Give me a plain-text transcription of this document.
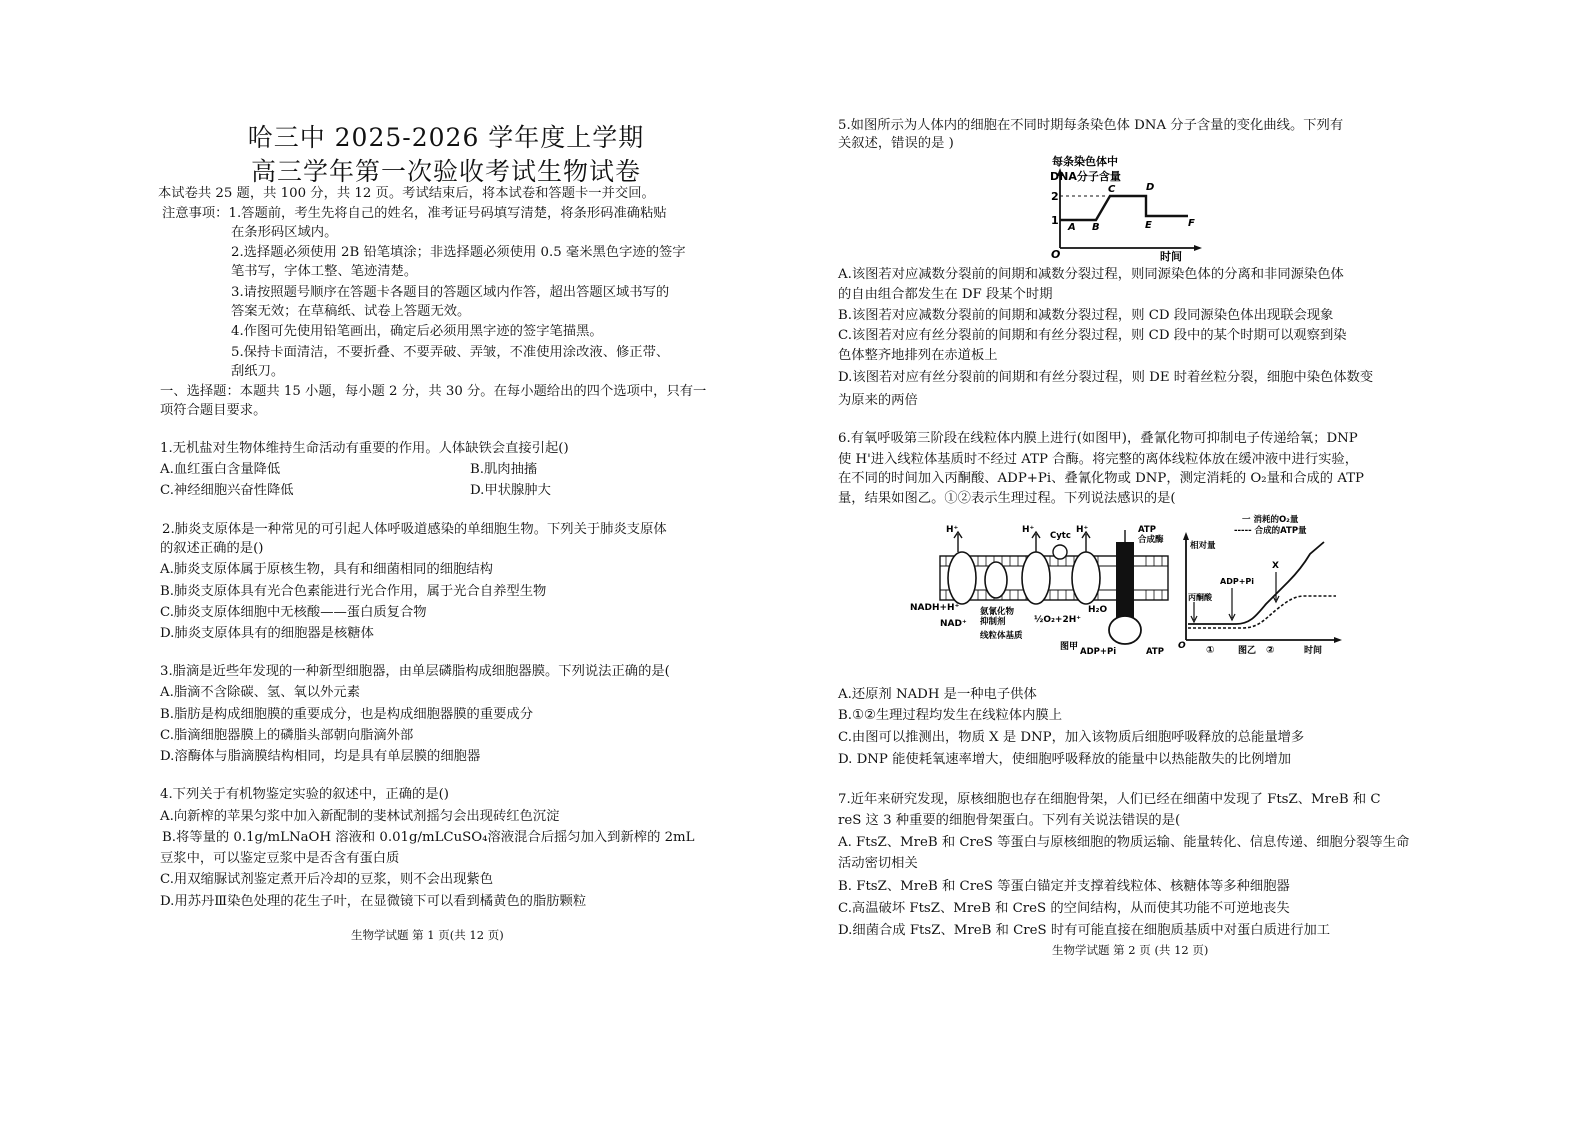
哈三中 2025-2026 学年度上学期
高三学年第一次验收考试生物试卷
本试卷共 25 题，共 100 分，共 12 页。考试结束后，将本试卷和答题卡一并交回。
注意事项：1.答题前，考生先将自己的姓名，准考证号码填写清楚，将条形码准确粘贴
在条形码区域内。
2.选择题必须使用 2B 铅笔填涂；非选择题必须使用 0.5 毫米黑色字迹的签字
笔书写，字体工整、笔迹清楚。
3.请按照题号顺序在答题卡各题目的答题区域内作答，超出答题区域书写的
答案无效；在草稿纸、试卷上答题无效。
4.作图可先使用铅笔画出，确定后必须用黑字迹的签字笔描黑。
5.保持卡面清洁，不要折叠、不要弄破、弄皱，不准使用涂改液、修正带、
刮纸刀。
一、选择题：本题共 15 小题，每小题 2 分，共 30 分。在每小题给出的四个选项中，只有一
项符合题目要求。
1.无机盐对生物体维持生命活动有重要的作用。人体缺铁会直接引起()
A.血红蛋白含量降低	B.肌肉抽搐
C.神经细胞兴奋性降低	D.甲状腺肿大
2.肺炎支原体是一种常见的可引起人体呼吸道感染的单细胞生物。下列关于肺炎支原体
的叙述正确的是()
A.肺炎支原体属于原核生物，具有和细菌相同的细胞结构
B.肺炎支原体具有光合色素能进行光合作用，属于光合自养型生物
C.肺炎支原体细胞中无核酸——蛋白质复合物
D.肺炎支原体具有的细胞器是核糖体
3.脂滴是近些年发现的一种新型细胞器，由单层磷脂构成细胞器膜。下列说法正确的是(
A.脂滴不含除碳、氢、氧以外元素
B.脂肪是构成细胞膜的重要成分，也是构成细胞器膜的重要成分
C.脂滴细胞器膜上的磷脂头部朝向脂滴外部
D.溶酶体与脂滴膜结构相同，均是具有单层膜的细胞器
4.下列关于有机物鉴定实验的叙述中，正确的是()
A.向新榨的苹果匀浆中加入新配制的斐林试剂摇匀会出现砖红色沉淀
B.将等量的 0.1g/mLNaOH 溶液和 0.01g/mLCuSO₄溶液混合后摇匀加入到新榨的 2mL
豆浆中，可以鉴定豆浆中是否含有蛋白质
C.用双缩脲试剂鉴定煮开后冷却的豆浆，则不会出现紫色
D.用苏丹Ⅲ染色处理的花生子叶，在显微镜下可以看到橘黄色的脂肪颗粒
生物学试题 第 1 页(共 12 页)
5.如图所示为人体内的细胞在不同时期每条染色体 DNA 分子含量的变化曲线。下列有
关叙述，错误的是 )
每条染色体中
DNA分子含量
时间
O
2
1
A B
C	D
E	F
A.该图若对应减数分裂前的间期和减数分裂过程，则同源染色体的分离和非同源染色体
的自由组合都发生在 DF 段某个时期
B.该图若对应减数分裂前的间期和减数分裂过程，则 CD 段同源染色体出现联会现象
C.该图若对应有丝分裂前的间期和有丝分裂过程，则 CD 段中的某个时期可以观察到染
色体整齐地排列在赤道板上
D.该图若对应有丝分裂前的间期和有丝分裂过程，则 DE 时着丝粒分裂，细胞中染色体数变
为原来的两倍
6.有氧呼吸第三阶段在线粒体内膜上进行(如图甲)，叠氰化物可抑制电子传递给氧；DNP
使 H'进入线粒体基质时不经过 ATP 合酶。将完整的离体线粒体放在缓冲液中进行实验，
在不同的时间加入丙酮酸、ADP+Pi、叠氰化物或 DNP，测定消耗的 O₂量和合成的 ATP
量，结果如图乙。①②表示生理过程。下列说法感识的是(
H⁺	H⁺
Cytc
H⁺	ATP
合成酶
NADH+H⁺
NAD⁺
氨氰化物
抑制剂	½O₂+2H⁺
H₂O
线粒体基质
图甲 ADP+Pi	ATP
一 消耗的O₂量
----- 合成的ATP量
相对量
丙酮酸
ADP+Pi
X
O ①	图乙 ②	时间
A.还原剂 NADH 是一种电子供体
B.①②生理过程均发生在线粒体内膜上
C.由图可以推测出，物质 X 是 DNP，加入该物质后细胞呼吸释放的总能量增多
D. DNP 能使耗氧速率增大，使细胞呼吸释放的能量中以热能散失的比例增加
7.近年来研究发现，原核细胞也存在细胞骨架，人们已经在细菌中发现了 FtsZ、MreB 和 C
reS 这 3 种重要的细胞骨架蛋白。下列有关说法错误的是(
A. FtsZ、MreB 和 CreS 等蛋白与原核细胞的物质运输、能量转化、信息传递、细胞分裂等生命
活动密切相关
B. FtsZ、MreB 和 CreS 等蛋白锚定并支撑着线粒体、核糖体等多种细胞器
C.高温破坏 FtsZ、MreB 和 CreS 的空间结构，从而使其功能不可逆地丧失
D.细菌合成 FtsZ、MreB 和 CreS 时有可能直接在细胞质基质中对蛋白质进行加工
生物学试题 第 2 页 (共 12 页)
